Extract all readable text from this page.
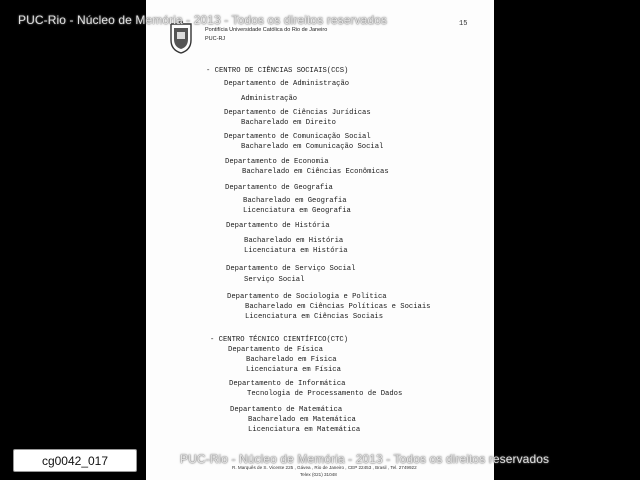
Pontifícia Universidade Católica do Rio de Janeiro
PUC-RJ
15
- CENTRO DE CIÊNCIAS SOCIAIS(CCS)
Departamento de Administração
Administração
Departamento de Ciências Jurídicas
Bacharelado em Direito
Departamento de Comunicação Social
Bacharelado em Comunicação Social
Departamento de Economia
Bacharelado em Ciências Econômicas
Departamento de Geografia
Bacharelado em Geografia
Licenciatura em Geografia
Departamento de História
Bacharelado em História
Licenciatura em História
Departamento de Serviço Social
Serviço Social
Departamento de Sociologia e Política
Bacharelado em Ciências Políticas e Sociais
Licenciatura em Ciências Sociais
- CENTRO TÉCNICO CIENTÍFICO(CTC)
Departamento de Física
Bacharelado em Física
Licenciatura em Física
Departamento de Informática
Tecnologia de Processamento de Dados
Departamento de Matemática
Bacharelado em Matemática
Licenciatura em Matemática
R. Marquês de S. Vicente 225 , Gávea , Rio de Janeiro , CEP 22453 , Brasil , Tel. 2749922
Telex (021) 31048
PUC-Rio - Núcleo de Memória - 2013 - Todos os direitos reservados
PUC-Rio - Núcleo de Memória - 2013 - Todos os direitos reservados
cg0042_017
